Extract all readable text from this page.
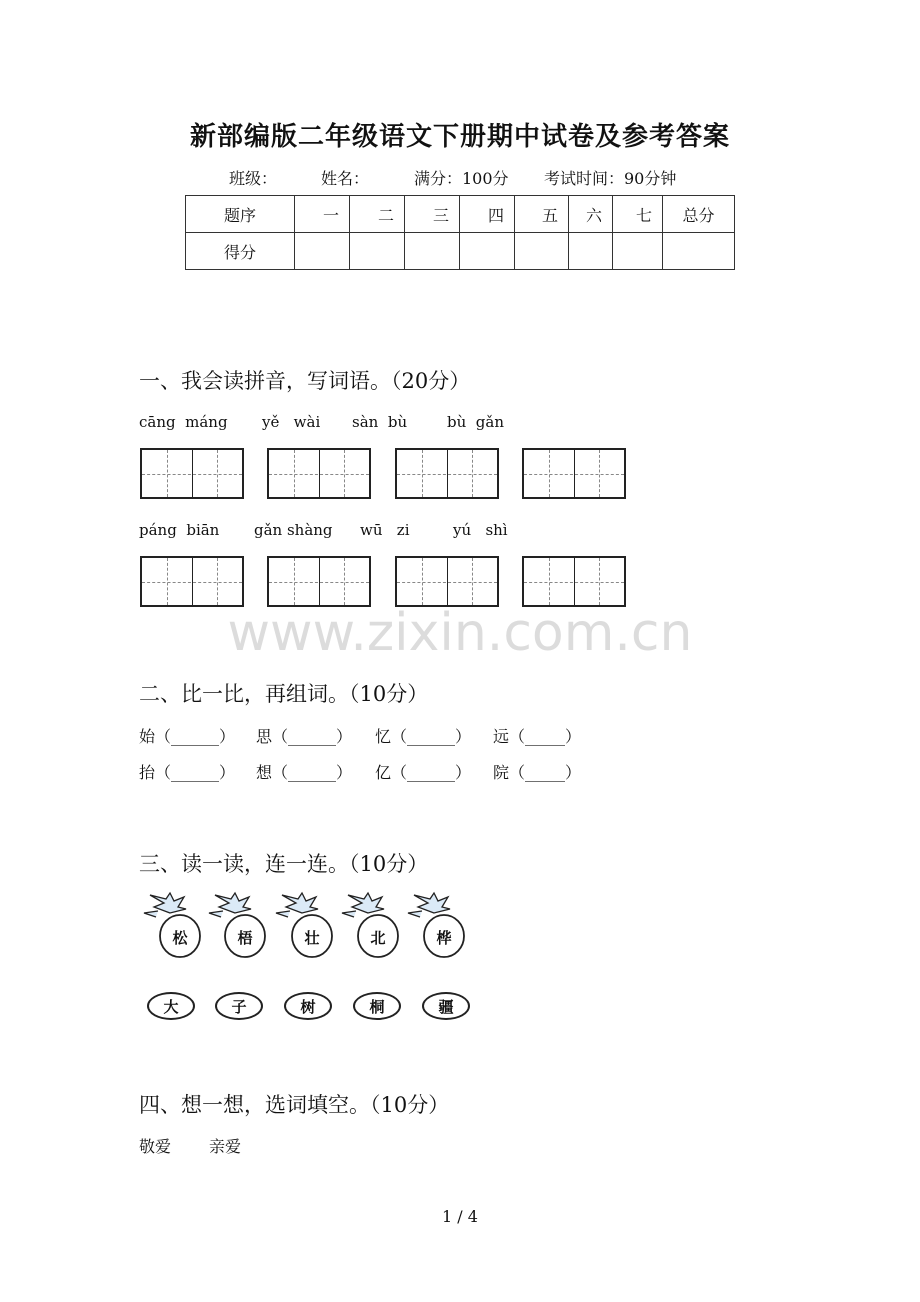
新部编版二年级语文下册期中试卷及参考答案
班级：	姓名：	满分：100分 考试时间：90分钟
题序	一	二	三	四	五	六	七	总分
得分								
一、我会读拼音，写词语。（20分）
cāng  máng yě   wài sàn  bù	bù  gǎn
páng  biān gǎn shàng wū   zi	yú   shì
www.zixin.com.cn
二、比一比，再组词。（10分）
始（______） 思（______） 忆（______） 远（_____）
抬（______） 想（______） 亿（______） 院（_____）
三、读一读，连一连。（10分）
松	梧	壮	北	桦
大	子	树	桐	疆
四、想一想，选词填空。（10分）
敬爱 亲爱
1 / 4
